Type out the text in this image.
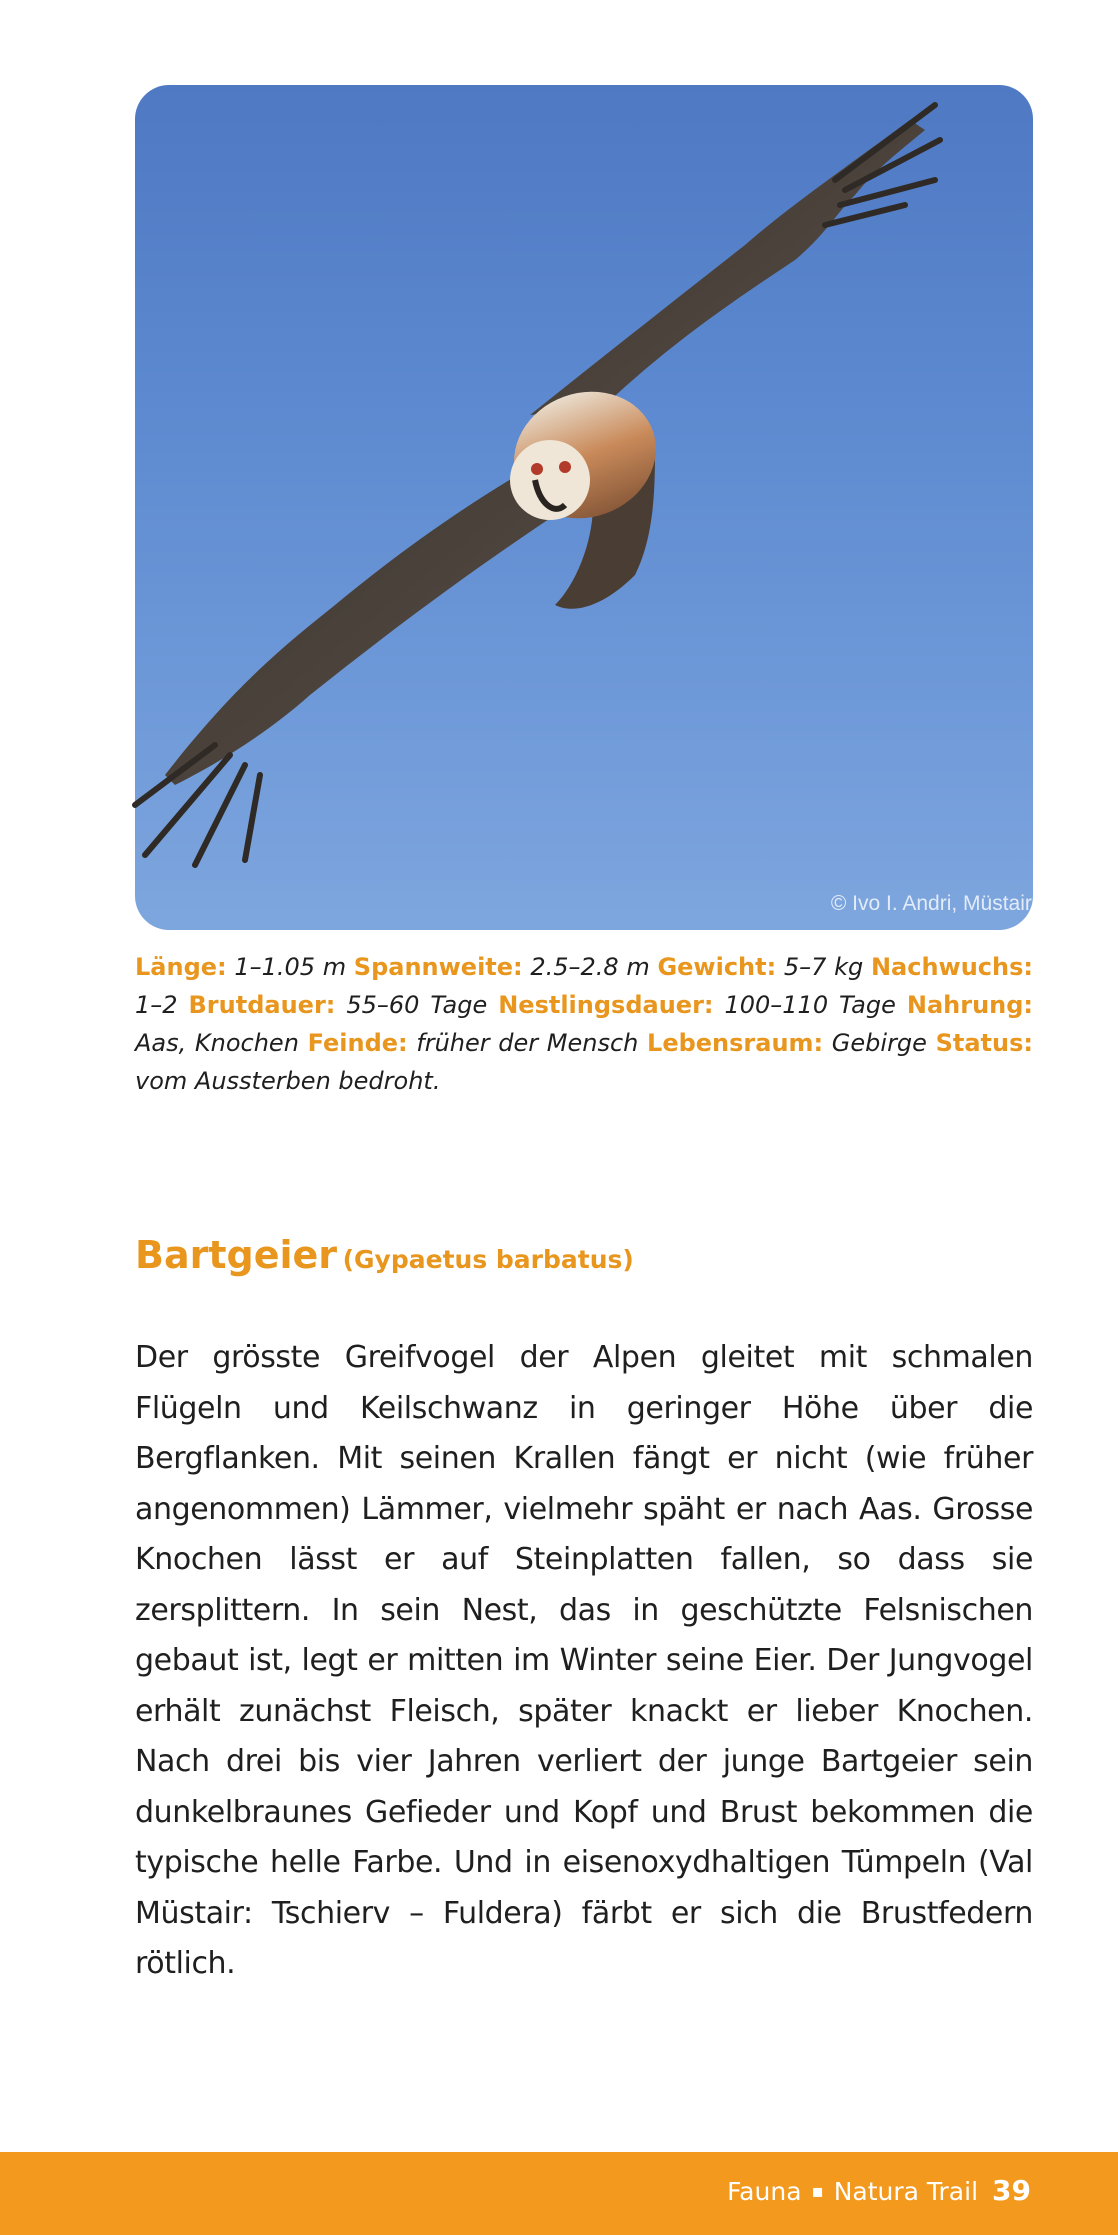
© Ivo I. Andri, Müstair - T
Länge: 1–1.05 m Spannweite: 2.5–2.8 m Gewicht: 5–7 kg Nachwuchs: 1–2 Brutdauer: 55–60 Tage Nestlingsdauer: 100–110 Tage Nahrung: Aas, Knochen Feinde: früher der Mensch Lebensraum: Gebirge Status: vom Aussterben bedroht.
Bartgeier (Gypaetus barbatus)
Der grösste Greifvogel der Alpen gleitet mit schmalen Flügeln und Keilschwanz in geringer Höhe über die Bergflanken. Mit seinen Krallen fängt er nicht (wie früher angenommen) Lämmer, vielmehr späht er nach Aas. Grosse Knochen lässt er auf Steinplatten fallen, so dass sie zersplittern. In sein Nest, das in geschützte Felsnischen gebaut ist, legt er mitten im Winter seine Eier. Der Jungvogel erhält zunächst Fleisch, später knackt er lieber Knochen. Nach drei bis vier Jahren verliert der junge Bartgeier sein dunkelbraunes Gefieder und Kopf und Brust bekommen die typische helle Farbe. Und in eisenoxydhaltigen Tümpeln (Val Müstair: Tschierv – Fuldera) färbt er sich die Brustfedern rötlich.
Fauna ▪ Natura Trail 39
